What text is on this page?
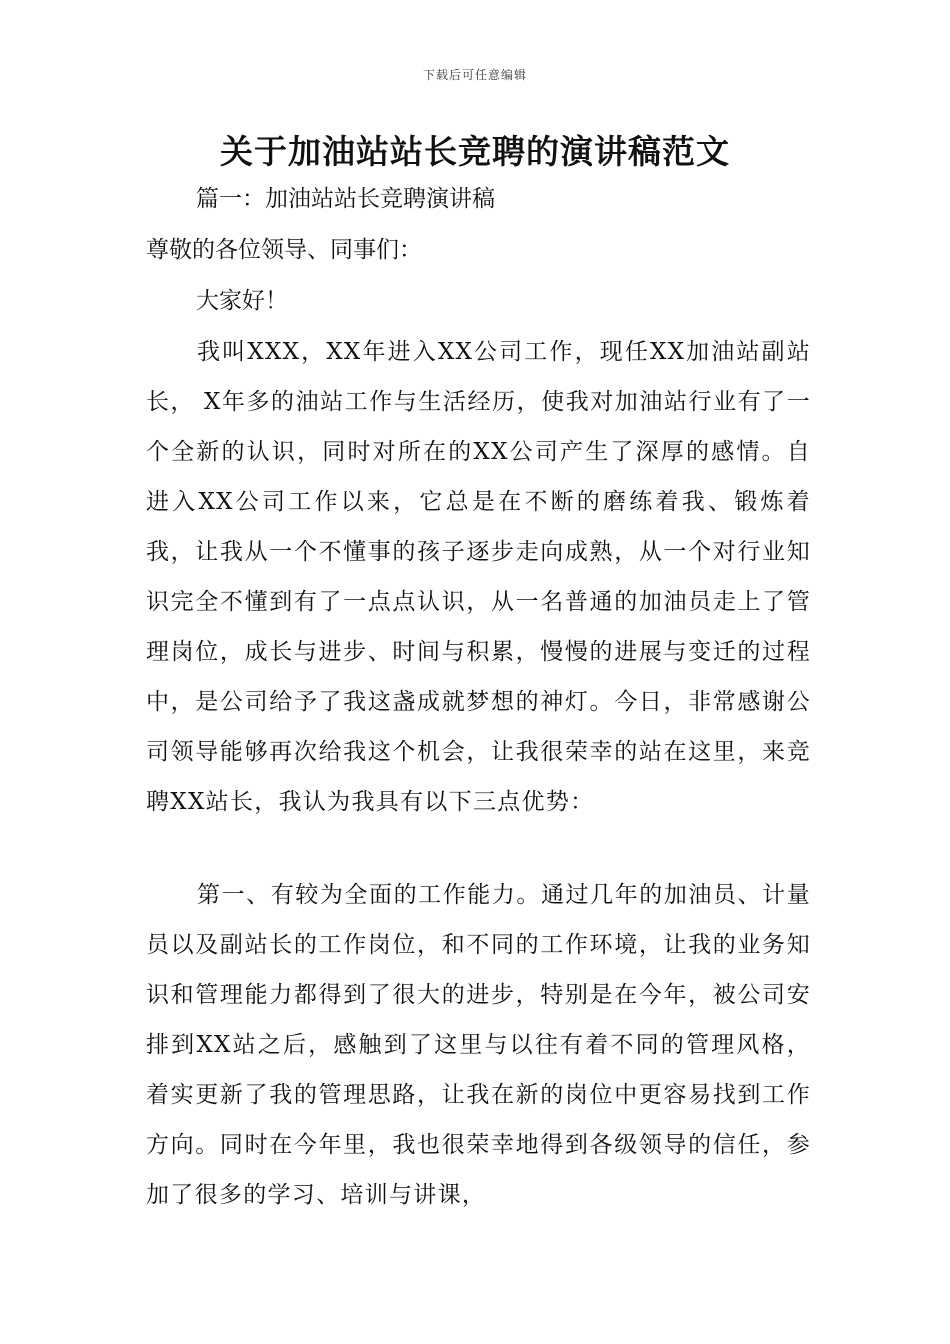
下载后可任意编辑
关于加油站站长竞聘的演讲稿范文

篇一：加油站站长竞聘演讲稿

尊敬的各位领导、同事们：

大家好！

我叫XXX，XX年进入XX公司工作，现任XX加油站副站长， X年多的油站工作与生活经历，使我对加油站行业有了一个全新的认识，同时对所在的XX公司产生了深厚的感情。自进入XX公司工作以来，它总是在不断的磨练着我、锻炼着我，让我从一个不懂事的孩子逐步走向成熟，从一个对行业知识完全不懂到有了一点点认识，从一名普通的加油员走上了管理岗位，成长与进步、时间与积累，慢慢的进展与变迁的过程中，是公司给予了我这盏成就梦想的神灯。今日，非常感谢公司领导能够再次给我这个机会，让我很荣幸的站在这里，来竞聘XX站长，我认为我具有以下三点优势：

第一、有较为全面的工作能力。通过几年的加油员、计量员以及副站长的工作岗位，和不同的工作环境，让我的业务知识和管理能力都得到了很大的进步，特别是在今年，被公司安排到XX站之后，感触到了这里与以往有着不同的管理风格，着实更新了我的管理思路，让我在新的岗位中更容易找到工作方向。同时在今年里，我也很荣幸地得到各级领导的信任，参加了很多的学习、培训与讲课，
